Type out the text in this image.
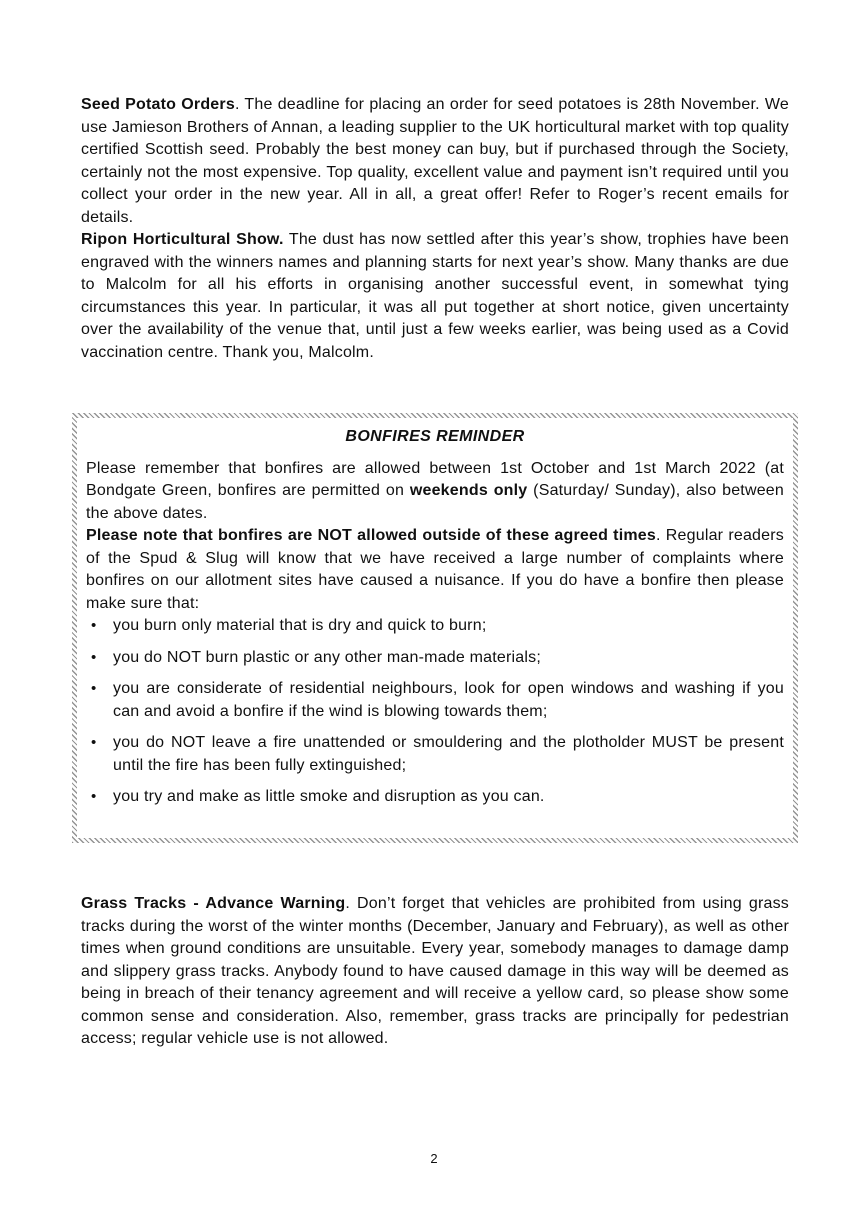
Seed Potato Orders. The deadline for placing an order for seed potatoes is 28th November. We use Jamieson Brothers of Annan, a leading supplier to the UK horticultural market with top quality certified Scottish seed. Probably the best money can buy, but if purchased through the Society, certainly not the most expensive. Top quality, excellent value and payment isn’t required until you collect your order in the new year. All in all, a great offer! Refer to Roger’s recent emails for details.

Ripon Horticultural Show. The dust has now settled after this year’s show, trophies have been engraved with the winners names and planning starts for next year’s show. Many thanks are due to Malcolm for all his efforts in organising another successful event, in somewhat tying circumstances this year. In particular, it was all put together at short notice, given uncertainty over the availability of the venue that, until just a few weeks earlier, was being used as a Covid vaccination centre. Thank you, Malcolm.

BONFIRES REMINDER

Please remember that bonfires are allowed between 1st October and 1st March 2022 (at Bondgate Green, bonfires are permitted on weekends only (Saturday/ Sunday), also between the above dates.

Please note that bonfires are NOT allowed outside of these agreed times. Regular readers of the Spud & Slug will know that we have received a large number of complaints where bonfires on our allotment sites have caused a nuisance. If you do have a bonfire then please make sure that:

•	you burn only material that is dry and quick to burn;
•	you do NOT burn plastic or any other man-made materials;
•	you are considerate of residential neighbours, look for open windows and washing if you can and avoid a bonfire if the wind is blowing towards them;
•	you do NOT leave a fire unattended or smouldering and the plotholder MUST be present until the fire has been fully extinguished;
•	you try and make as little smoke and disruption as you can.

Grass Tracks - Advance Warning. Don’t forget that vehicles are prohibited from using grass tracks during the worst of the winter months (December, January and February), as well as other times when ground conditions are unsuitable. Every year, somebody manages to damage damp and slippery grass tracks. Anybody found to have caused damage in this way will be deemed as being in breach of their tenancy agreement and will receive a yellow card, so please show some common sense and consideration. Also, remember, grass tracks are principally for pedestrian access; regular vehicle use is not allowed.

2
